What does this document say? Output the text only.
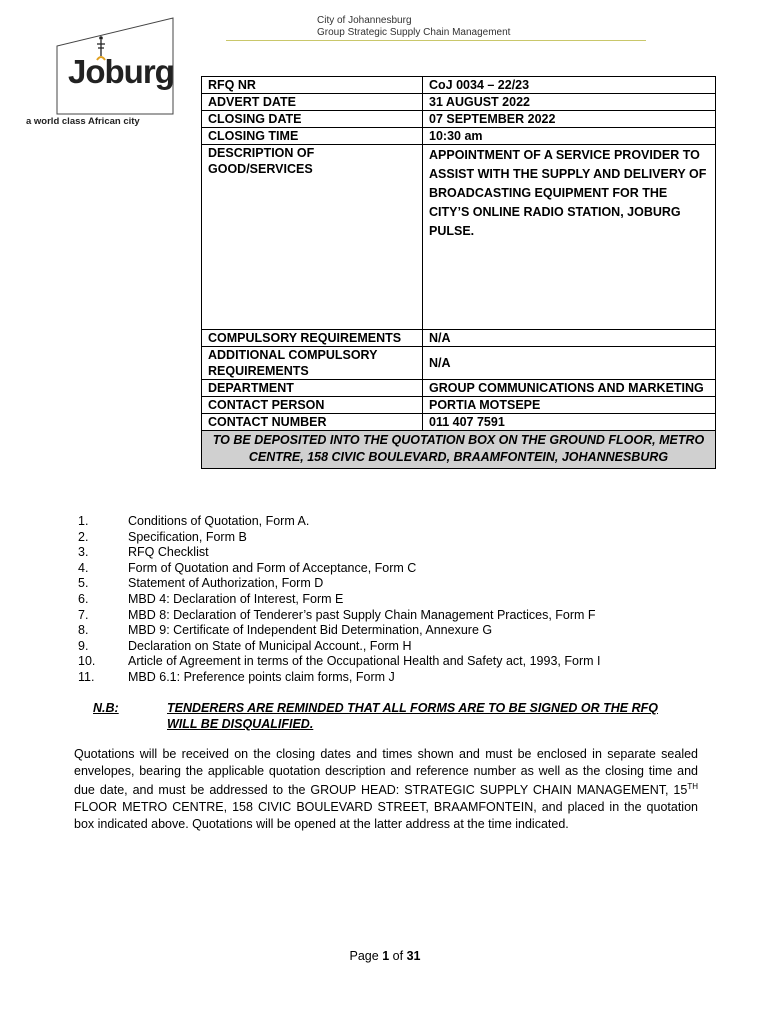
City of Johannesburg
Group Strategic Supply Chain Management
Joburg
a world class African city
RFQ NR	CoJ 0034 – 22/23
ADVERT DATE	31 AUGUST 2022
CLOSING DATE	07 SEPTEMBER 2022
CLOSING TIME	10:30 am
DESCRIPTION OF GOOD/SERVICES	APPOINTMENT OF A SERVICE PROVIDER TO ASSIST WITH THE SUPPLY AND DELIVERY OF BROADCASTING EQUIPMENT FOR THE CITY’S ONLINE RADIO STATION, JOBURG PULSE.
COMPULSORY REQUIREMENTS	N/A
ADDITIONAL COMPULSORY REQUIREMENTS	N/A
DEPARTMENT	GROUP COMMUNICATIONS AND MARKETING
CONTACT PERSON	PORTIA MOTSEPE
CONTACT NUMBER	011 407 7591
TO BE DEPOSITED INTO THE QUOTATION BOX ON THE GROUND FLOOR, METRO CENTRE, 158 CIVIC BOULEVARD, BRAAMFONTEIN, JOHANNESBURG	
1.	Conditions of Quotation, Form A.
2.	Specification, Form B
3.	RFQ Checklist
4.	Form of Quotation and Form of Acceptance, Form C
5.	Statement of Authorization, Form D
6.	MBD 4: Declaration of Interest, Form E
7.	MBD 8: Declaration of Tenderer’s past Supply Chain Management Practices, Form F
8.	MBD 9: Certificate of Independent Bid Determination, Annexure G
9.	Declaration on State of Municipal Account., Form H
10.	Article of Agreement in terms of the Occupational Health and Safety act, 1993, Form I
11.	MBD 6.1: Preference points claim forms, Form J
N.B:	TENDERERS ARE REMINDED THAT ALL FORMS ARE TO BE SIGNED OR THE RFQ WILL BE DISQUALIFIED.
Quotations will be received on the closing dates and times shown and must be enclosed in separate sealed envelopes, bearing the applicable quotation description and reference number as well as the closing time and due date, and must be addressed to the GROUP HEAD: STRATEGIC SUPPLY CHAIN MANAGEMENT, 15TH FLOOR METRO CENTRE, 158 CIVIC BOULEVARD STREET, BRAAMFONTEIN, and placed in the quotation box indicated above. Quotations will be opened at the latter address at the time indicated.
Page 1 of 31
